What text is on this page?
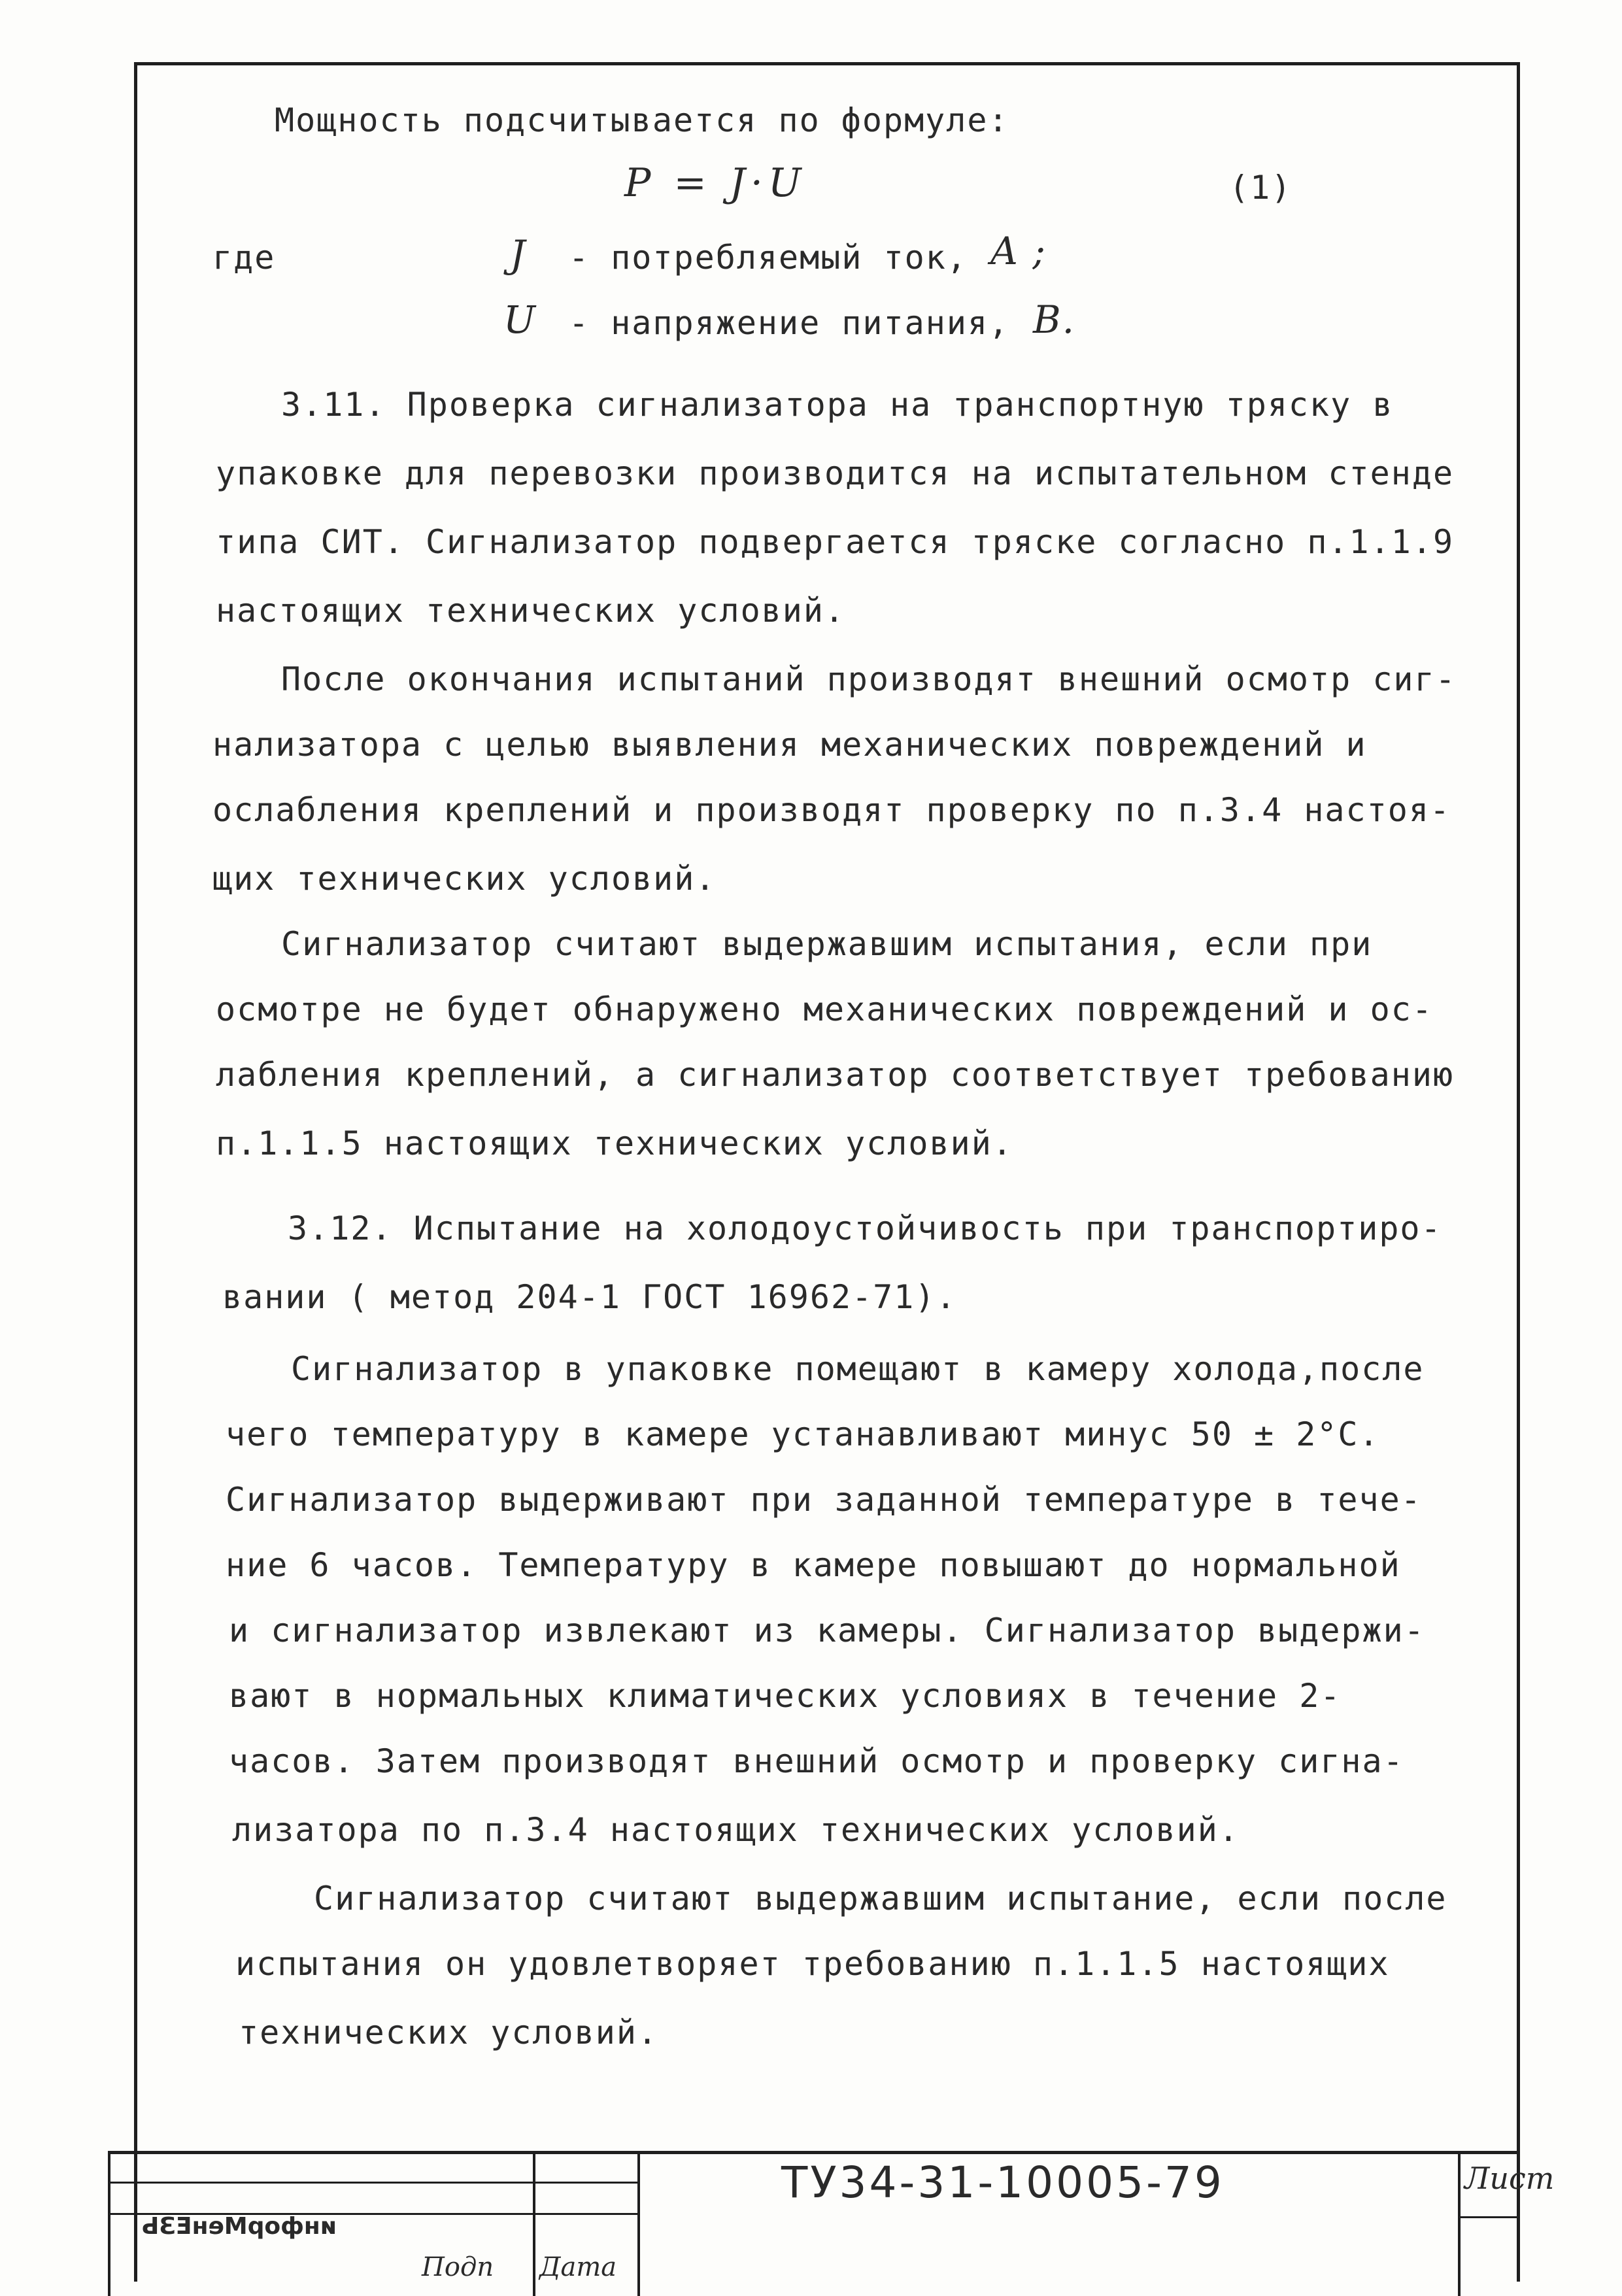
Мощность подсчитывается по формуле:
P = J·U	(1)
где	J - потребляемый ток, A ;
U - напряжение питания, B.
3.11. Проверка сигнализатора на транспортную тряску в
упаковке для перевозки производится на испытательном стенде
типа СИТ. Сигнализатор подвергается тряске согласно п.1.1.9
настоящих технических условий.
После окончания испытаний производят внешний осмотр сиг-
нализатора с целью выявления механических повреждений и
ослабления креплений и производят проверку по п.3.4 настоя-
щих технических условий.
Сигнализатор считают выдержавшим испытания, если при
осмотре не будет обнаружено механических повреждений и ос-
лабления креплений, а сигнализатор соответствует требованию
п.1.1.5 настоящих технических условий.
3.12. Испытание на холодоустойчивость при транспортиро-
вании ( метод 204-1 ГОСТ 16962-71).
Сигнализатор в упаковке помещают в камеру холода,после
чего температуру в камере устанавливают минус 50 ± 2°С.
Сигнализатор выдерживают при заданной температуре в тече-
ние 6 часов. Температуру в камере повышают до нормальной
и сигнализатор извлекают из камеры. Сигнализатор выдержи-
вают в нормальных климатических условиях в течение 2-
часов. Затем производят внешний осмотр и проверку сигна-
лизатора по п.3.4 настоящих технических условий.
Сигнализатор считают выдержавшим испытание, если после
испытания он удовлетворяет требованию п.1.1.5 настоящих
технических условий.
ТУ34-31-10005-79	Лист
Подп Дата
инфорМенЕЗЬ
